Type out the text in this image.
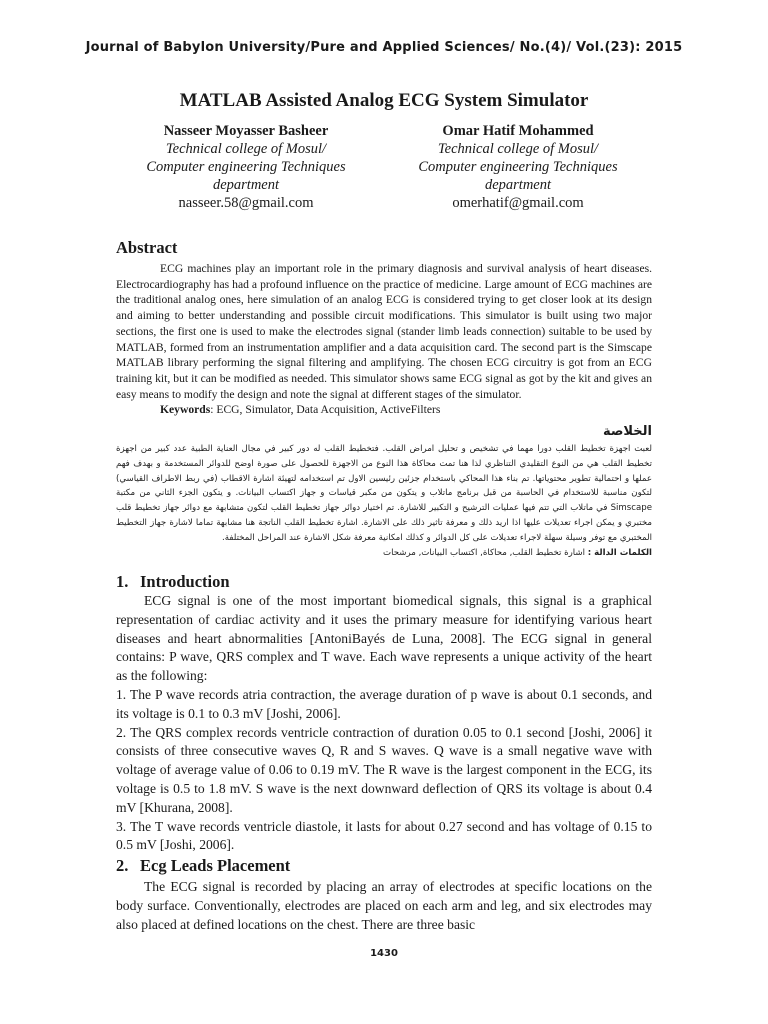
Journal of Babylon University/Pure and Applied Sciences/ No.(4)/ Vol.(23): 2015
MATLAB Assisted Analog ECG System Simulator
Nasseer Moyasser Basheer
Technical college of Mosul/
Computer engineering Techniques
department
nasseer.58@gmail.com
Omar Hatif Mohammed
Technical college of Mosul/
Computer engineering Techniques
department
omerhatif@gmail.com
Abstract

ECG machines play an important role in the primary diagnosis and survival analysis of heart diseases. Electrocardiography has had a profound influence on the practice of medicine. Large amount of ECG machines are the traditional analog ones, here simulation of an analog ECG is considered trying to get closer look at its design and aiming to better understanding and possible circuit modifications. This simulator is built using two major sections, the first one is used to make the electrodes signal (stander limb leads connection) suitable to be used by MATLAB, formed from an instrumentation amplifier and a data acquisition card. The second part is the Simscape MATLAB library performing the signal filtering and amplifying. The chosen ECG circuitry is got from an ECG training kit, but it can be modified as needed. This simulator shows same ECG signal as got by the kit and gives an easy means to modify the design and note the signal at different stages of the simulator.

Keywords: ECG, Simulator, Data Acquisition, ActiveFilters

الخلاصة
لعبت اجهزة تخطيط القلب دورا مهما في تشخيص و تحليل امراض القلب. فتخطيط القلب له دور كبير في مجال العناية الطبية عدد كبير من اجهزة تخطيط القلب هي من النوع التقليدي التناظري لذا هنا تمت محاكاة هذا النوع من الاجهزة للحصول على صورة اوضح للدوائر المستخدمة و بهدف فهم عملها و احتمالية تطوير محتوياتها. تم بناء هذا المحاكي باستخدام جزئين رئيسين الاول تم استخدامه لتهيئة اشارة الاقطاب (في ربط الاطراف القياسي) لتكون مناسبة للاستخدام في الحاسبة من قبل برنامج ماتلاب و يتكون من مكبر قياسات و جهاز اكتساب البيانات. و يتكون الجزء الثاني من مكتبة Simscape في ماتلاب التي تتم فيها عمليات الترشيح و التكبير للاشارة. تم اختيار دوائر جهاز تخطيط القلب لتكون متشابهة مع دوائر جهاز تخطيط قلب مختبري و يمكن اجراء تعديلات عليها اذا اريد ذلك و معرفة تاثير ذلك على الاشارة. اشارة تخطيط القلب الناتجة هنا مشابهة تماما لاشارة جهاز التخطيط المختبري مع توفر وسيلة سهلة لاجراء تعديلات على كل الدوائر و كذلك امكانية معرفة شكل الاشارة عند المراحل المختلفة.
الكلمات الدالة : اشارة تخطيط القلب, محاكاة, اكتساب البيانات, مرشحات
1. Introduction

ECG signal is one of the most important biomedical signals, this signal is a graphical representation of cardiac activity and it uses the primary measure for identifying various heart diseases and heart abnormalities [AntoniBayés de Luna, 2008]. The ECG signal in general contains: P wave, QRS complex and T wave. Each wave represents a unique activity of the heart as the following:

1. The P wave records atria contraction, the average duration of p wave is about 0.1 seconds, and its voltage is 0.1 to 0.3 mV [Joshi, 2006].

2. The QRS complex records ventricle contraction of duration 0.05 to 0.1 second [Joshi, 2006] it consists of three consecutive waves Q, R and S waves. Q wave is a small negative wave with voltage of average value of 0.06 to 0.19 mV. The R wave is the largest component in the ECG, its voltage is 0.5 to 1.8 mV. S wave is the next downward deflection of QRS its voltage is about 0.4 mV [Khurana, 2008].

3. The T wave records ventricle diastole, it lasts for about 0.27 second and has voltage of 0.15 to 0.5 mV [Joshi, 2006].

2. Ecg Leads Placement

The ECG signal is recorded by placing an array of electrodes at specific locations on the body surface. Conventionally, electrodes are placed on each arm and leg, and six electrodes may also placed at defined locations on the chest. There are three basic

1430
